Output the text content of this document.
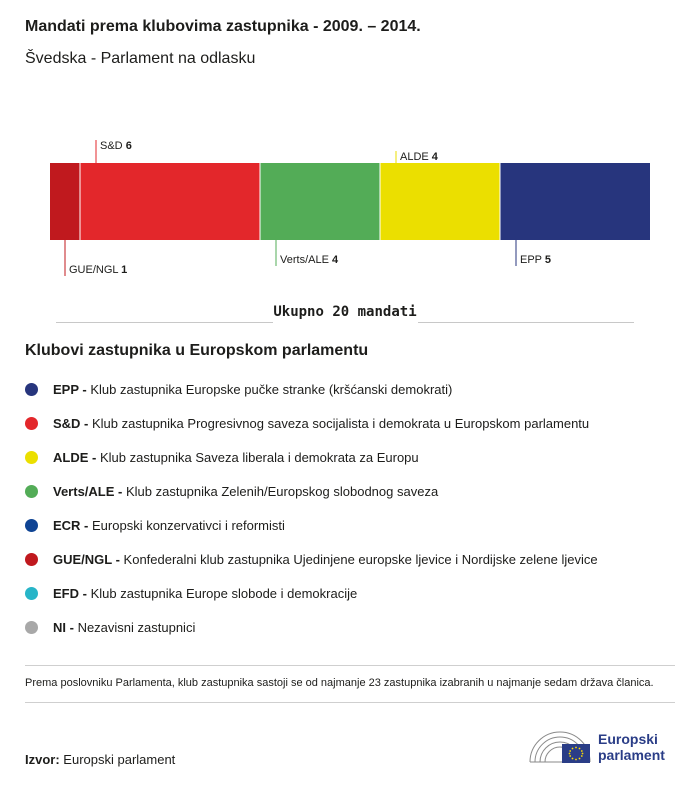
Mandati prema klubovima zastupnika - 2009. – 2014.
Švedska - Parlament na odlasku
GUE/NGL 1
S&D 6
Verts/ALE 4
ALDE 4
EPP 5
Ukupno 20 mandati
Klubovi zastupnika u Europskom parlamentu
EPP - Klub zastupnika Europske pučke stranke (kršćanski demokrati)
S&D - Klub zastupnika Progresivnog saveza socijalista i demokrata u Europskom parlamentu
ALDE - Klub zastupnika Saveza liberala i demokrata za Europu
Verts/ALE - Klub zastupnika Zelenih/Europskog slobodnog saveza
ECR - Europski konzervativci i reformisti
GUE/NGL - Konfederalni klub zastupnika Ujedinjene europske ljevice i Nordijske zelene ljevice
EFD - Klub zastupnika Europe slobode i demokracije
NI - Nezavisni zastupnici
Prema poslovniku Parlamenta, klub zastupnika sastoji se od najmanje 23 zastupnika izabranih u najmanje sedam država članica.
Izvor: Europski parlament
Europski
parlament
